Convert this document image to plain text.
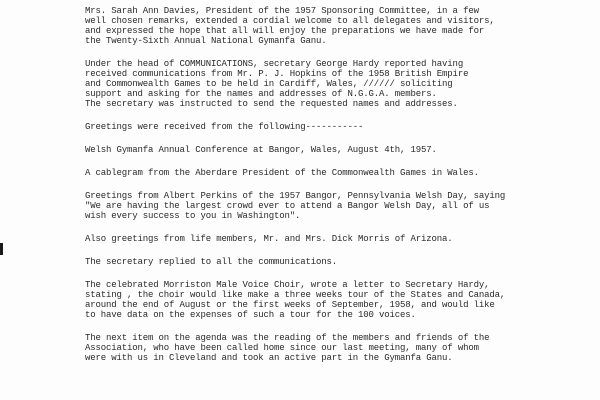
Mrs. Sarah Ann Davies, President of the 1957 Sponsoring Committee, in a few
well chosen remarks, extended a cordial welcome to all delegates and visitors,
and expressed the hope that all will enjoy the preparations we have made for
the Twenty-Sixth Annual National Gymanfa Ganu.

Under the head of COMMUNICATIONS, secretary George Hardy reported having
received communications from Mr. P. J. Hopkins of the 1958 British Empire
and Commonwealth Games to be held in Cardiff, Wales, ////// soliciting
support and asking for the names and addresses of N.G.G.A. members.
The secretary was instructed to send the requested names and addresses.

Greetings were received from the following-----------

Welsh Gymanfa Annual Conference at Bangor, Wales, August 4th, 1957.

A cablegram from the Aberdare President of the Commonwealth Games in Wales.

Greetings from Albert Perkins of the 1957 Bangor, Pennsylvania Welsh Day, saying
"We are having the largest crowd ever to attend a Bangor Welsh Day, all of us
wish every success to you in Washington".

Also greetings from life members, Mr. and Mrs. Dick Morris of Arizona.

The secretary replied to all the communications.

The celebrated Morriston Male Voice Choir, wrote a letter to Secretary Hardy,
stating , the choir would like make a three weeks tour of the States and Canada,
around the end of August or the first weeks of September, 1958, and would like
to have data on the expenses of such a tour for the 100 voices.

The next item on the agenda was the reading of the members and friends of the
Association, who have been called home since our last meeting, many of whom
were with us in Cleveland and took an active part in the Gymanfa Ganu.
